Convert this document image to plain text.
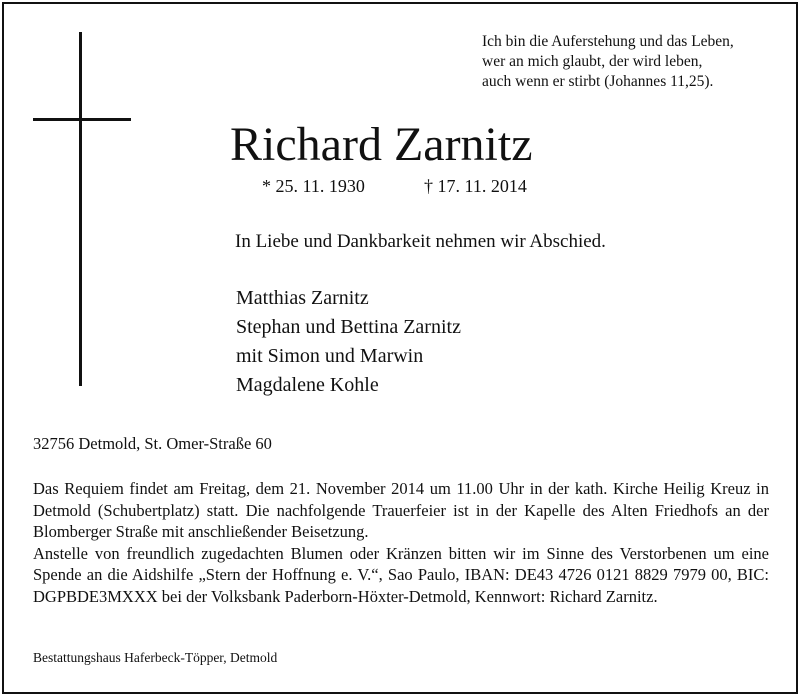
Ich bin die Auferstehung und das Leben,
wer an mich glaubt, der wird leben,
auch wenn er stirbt (Johannes 11,25).
Richard Zarnitz
* 25. 11. 1930	† 17. 11. 2014

In Liebe und Dankbarkeit nehmen wir Abschied.

Matthias Zarnitz
Stephan und Bettina Zarnitz
mit Simon und Marwin
Magdalene Kohle

32756 Detmold, St. Omer-Straße 60

Das Requiem findet am Freitag, dem 21. November 2014 um 11.00 Uhr in der kath. Kirche Heilig Kreuz in Detmold (Schubertplatz) statt. Die nachfolgende Trauerfeier ist in der Kapelle des Alten Friedhofs an der Blomberger Straße mit anschließender Beisetzung.

Anstelle von freundlich zugedachten Blumen oder Kränzen bitten wir im Sinne des Verstorbenen um eine Spende an die Aidshilfe „Stern der Hoffnung e. V.“, Sao Paulo, IBAN: DE43 4726 0121 8829 7979 00, BIC: DGPBDE3MXXX bei der Volksbank Paderborn-Höxter-Detmold, Kennwort: Richard Zarnitz.

Bestattungshaus Haferbeck-Töpper, Detmold
